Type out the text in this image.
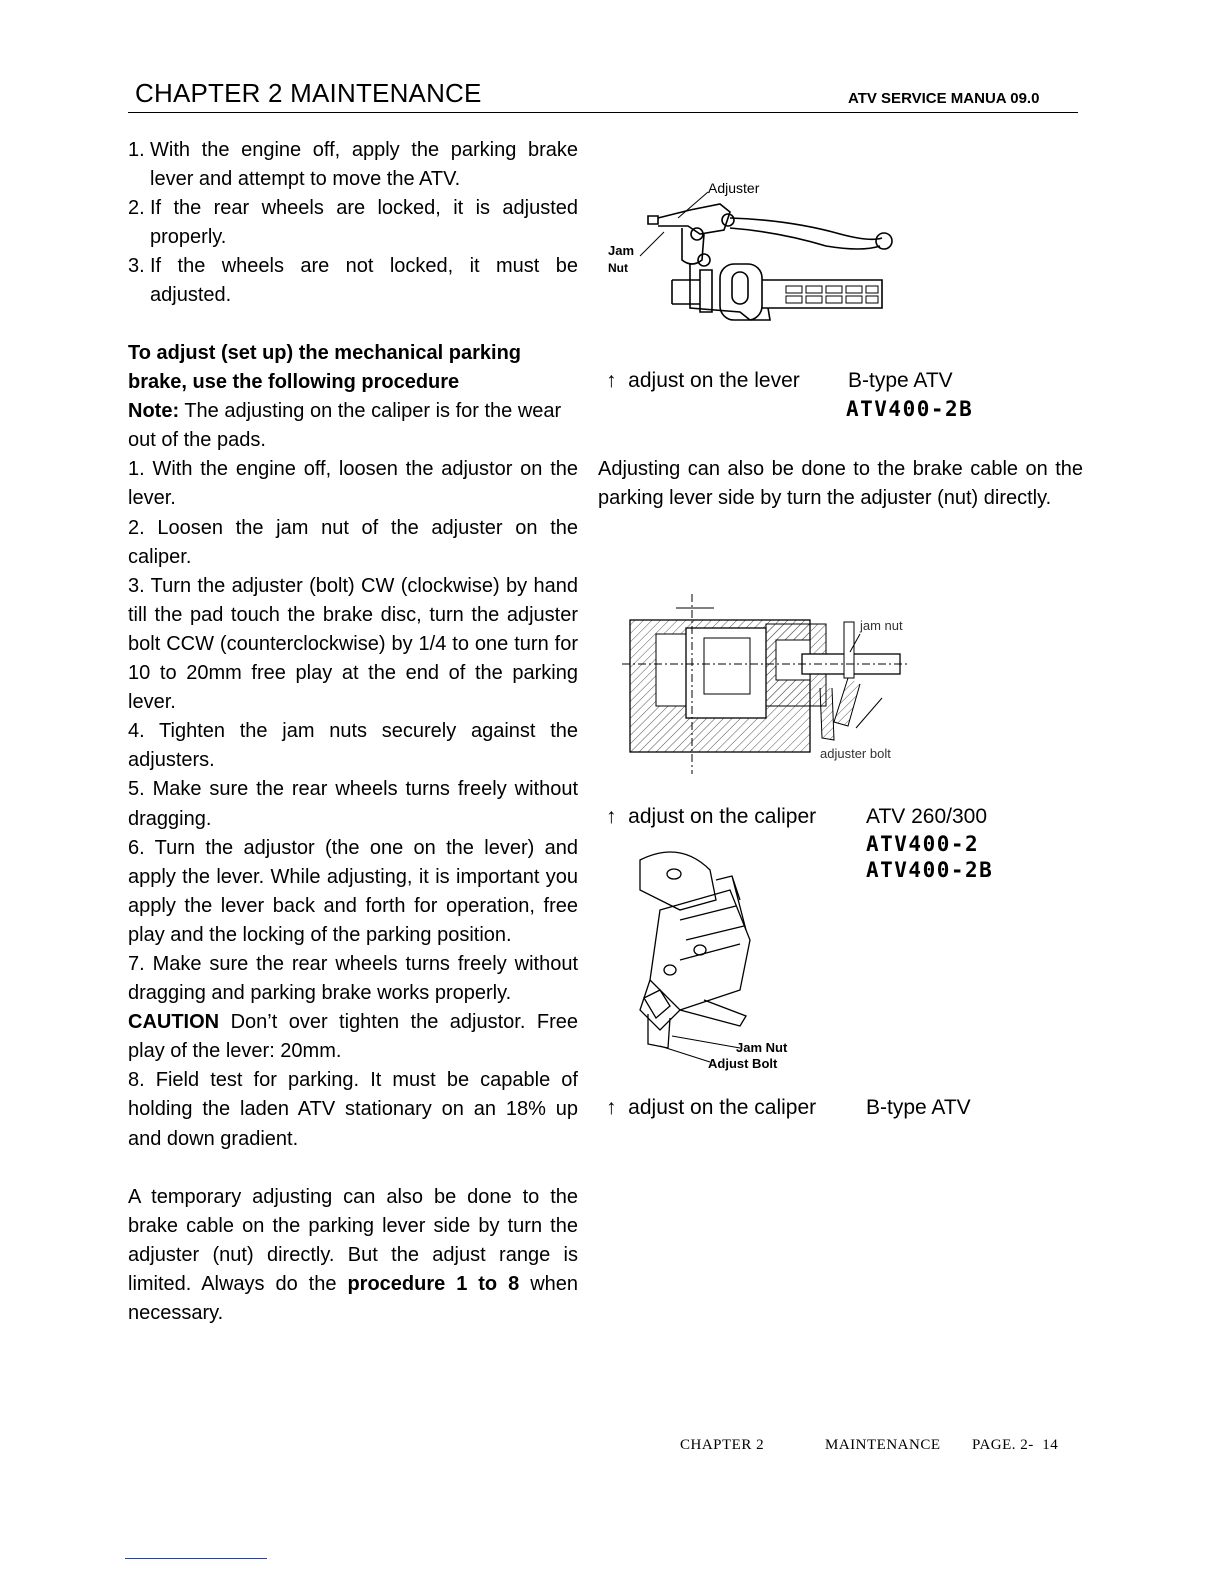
CHAPTER 2 MAINTENANCE	ATV SERVICE MANUA 09.0

1. With the engine off, apply the parking brake lever and attempt to move the ATV.

2. If the rear wheels are locked, it is adjusted properly.

3. If the wheels are not locked, it must be adjusted.

To adjust (set up) the mechanical parking brake, use the following procedure

Note: The adjusting on the caliper is for the wear out of the pads.

1. With the engine off, loosen the adjustor on the lever.

2. Loosen the jam nut of the adjuster on the caliper.

3. Turn the adjuster (bolt) CW (clockwise) by hand till the pad touch the brake disc, turn the adjuster bolt CCW (counterclockwise) by 1/4 to one turn for 10 to 20mm free play at the end of the parking lever.

4. Tighten the jam nuts securely against the adjusters.

5. Make sure the rear wheels turns freely without dragging.

6. Turn the adjustor (the one on the lever) and apply the lever. While adjusting, it is important you apply the lever back and forth for operation, free play and the locking of the parking position.

7. Make sure the rear wheels turns freely without dragging and parking brake works properly.

CAUTION Don’t over tighten the adjustor. Free play of the lever: 20mm.

8. Field test for parking. It must be capable of holding the laden ATV stationary on an 18% up and down gradient.

A temporary adjusting can also be done to the brake cable on the parking lever side by turn the adjuster (nut) directly. But the adjust range is limited. Always do the procedure 1 to 8 when necessary.

Adjuster
Jam
Nut
↑ adjust on the lever B-type ATV
ATV400-2B
Adjusting can also be done to the brake cable on the parking lever side by turn the adjuster (nut) directly.
jam nut
adjuster bolt
↑ adjust on the caliper ATV 260/300
ATV400-2
ATV400-2B
Jam Nut
Adjust Bolt
↑ adjust on the caliper B-type ATV
CHAPTER 2	MAINTENANCE PAGE. 2-  14
